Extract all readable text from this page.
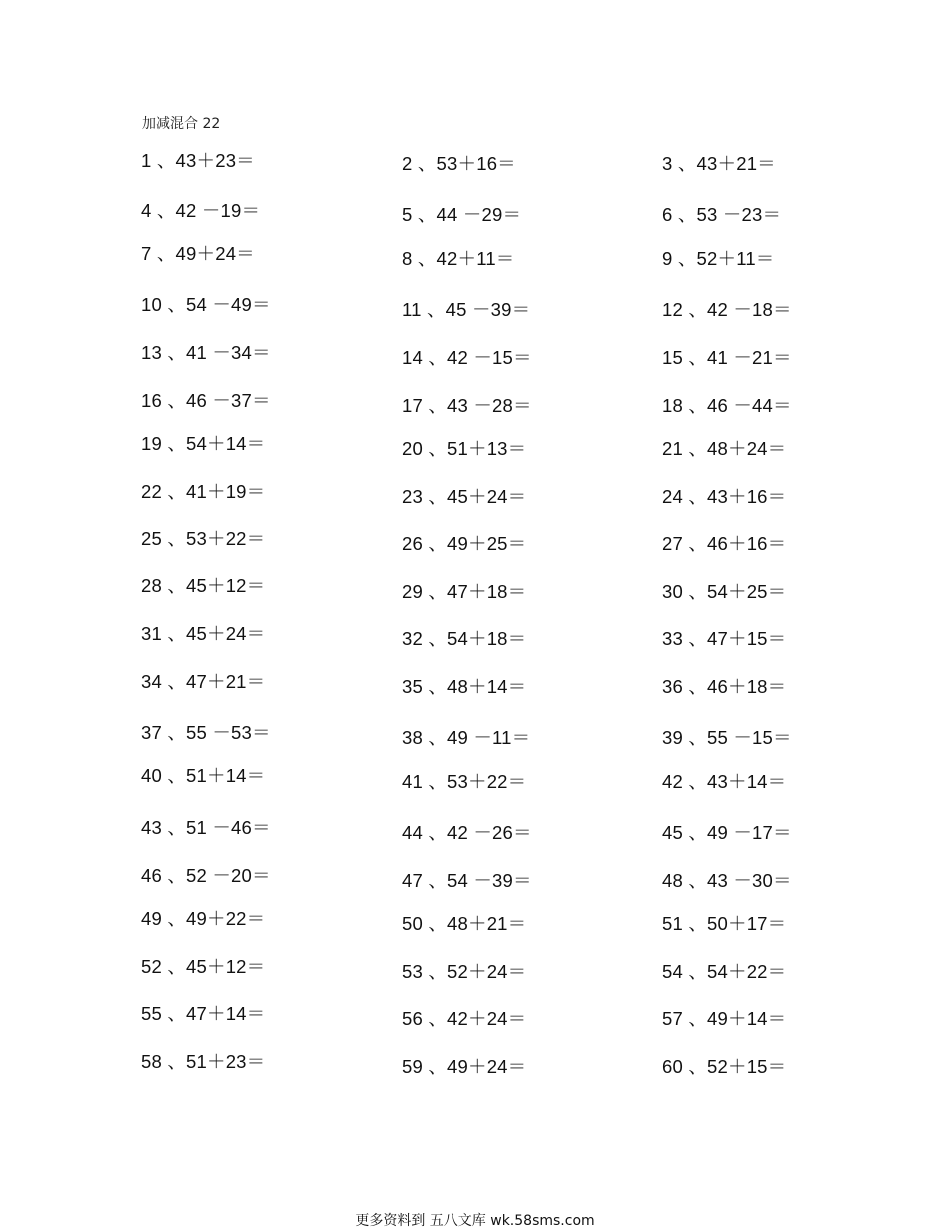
加减混合 22
1 、43＋23＝	2 、53＋16＝	3 、43＋21＝
4 、42 －19＝	5 、44 －29＝	6 、53 －23＝
7 、49＋24＝	8 、42＋11＝	9 、52＋11＝
10 、54 －49＝	11 、45 －39＝	12 、42 －18＝
13 、41 －34＝	14 、42 －15＝	15 、41 －21＝
16 、46 －37＝	17 、43 －28＝	18 、46 －44＝
19 、54＋14＝	20 、51＋13＝	21 、48＋24＝
22 、41＋19＝	23 、45＋24＝	24 、43＋16＝
25 、53＋22＝	26 、49＋25＝	27 、46＋16＝
28 、45＋12＝	29 、47＋18＝	30 、54＋25＝
31 、45＋24＝	32 、54＋18＝	33 、47＋15＝
34 、47＋21＝	35 、48＋14＝	36 、46＋18＝
37 、55 －53＝	38 、49 －11＝	39 、55 －15＝
40 、51＋14＝	41 、53＋22＝	42 、43＋14＝
43 、51 －46＝	44 、42 －26＝	45 、49 －17＝
46 、52 －20＝	47 、54 －39＝	48 、43 －30＝
49 、49＋22＝	50 、48＋21＝	51 、50＋17＝
52 、45＋12＝	53 、52＋24＝	54 、54＋22＝
55 、47＋14＝	56 、42＋24＝	57 、49＋14＝
58 、51＋23＝	59 、49＋24＝	60 、52＋15＝
更多资料到 五八文库 wk.58sms.com
